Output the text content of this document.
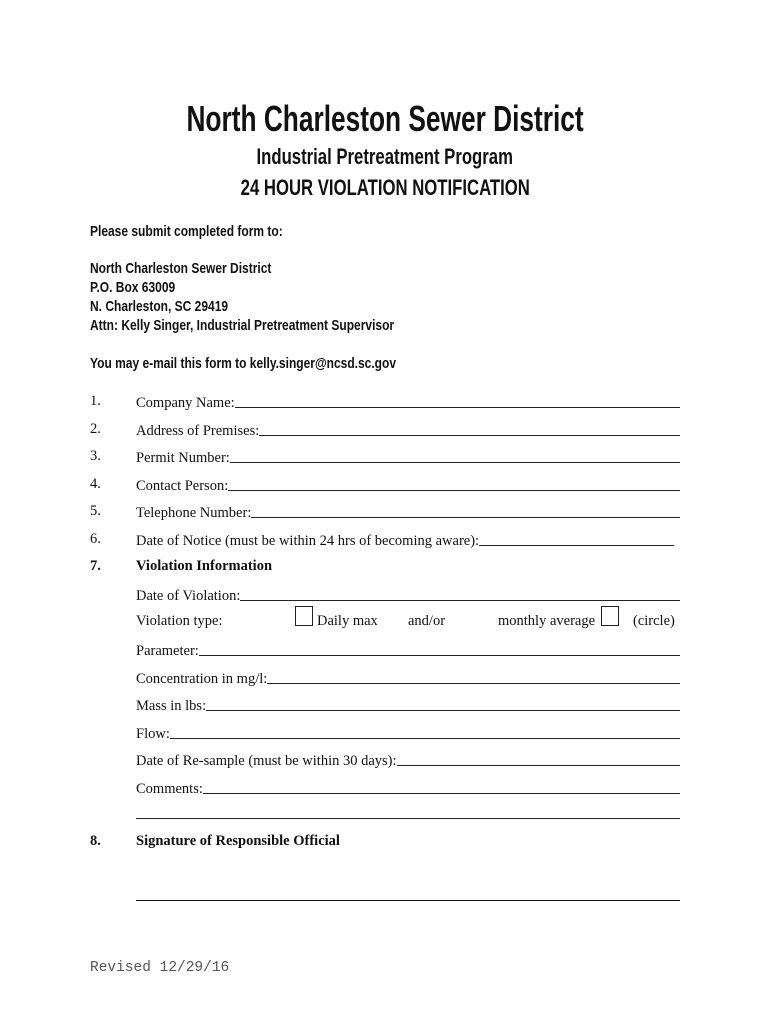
North Charleston Sewer District
Industrial Pretreatment Program
24 HOUR VIOLATION NOTIFICATION
Please submit completed form to:
North Charleston Sewer District
P.O. Box 63009
N. Charleston, SC 29419
Attn: Kelly Singer, Industrial Pretreatment Supervisor
You may e-mail this form to kelly.singer@ncsd.sc.gov
1. Company Name:
2. Address of Premises:
3. Permit Number:
4. Contact Person:
5. Telephone Number:
6. Date of Notice (must be within 24 hrs of becoming aware):
7. Violation Information
Date of Violation:
Violation type:	Daily max and/or	monthly average	(circle)
Parameter:
Concentration in mg/l:
Mass in lbs:
Flow:
Date of Re-sample (must be within 30 days):
Comments:
8. Signature of Responsible Official
Revised 12/29/16
